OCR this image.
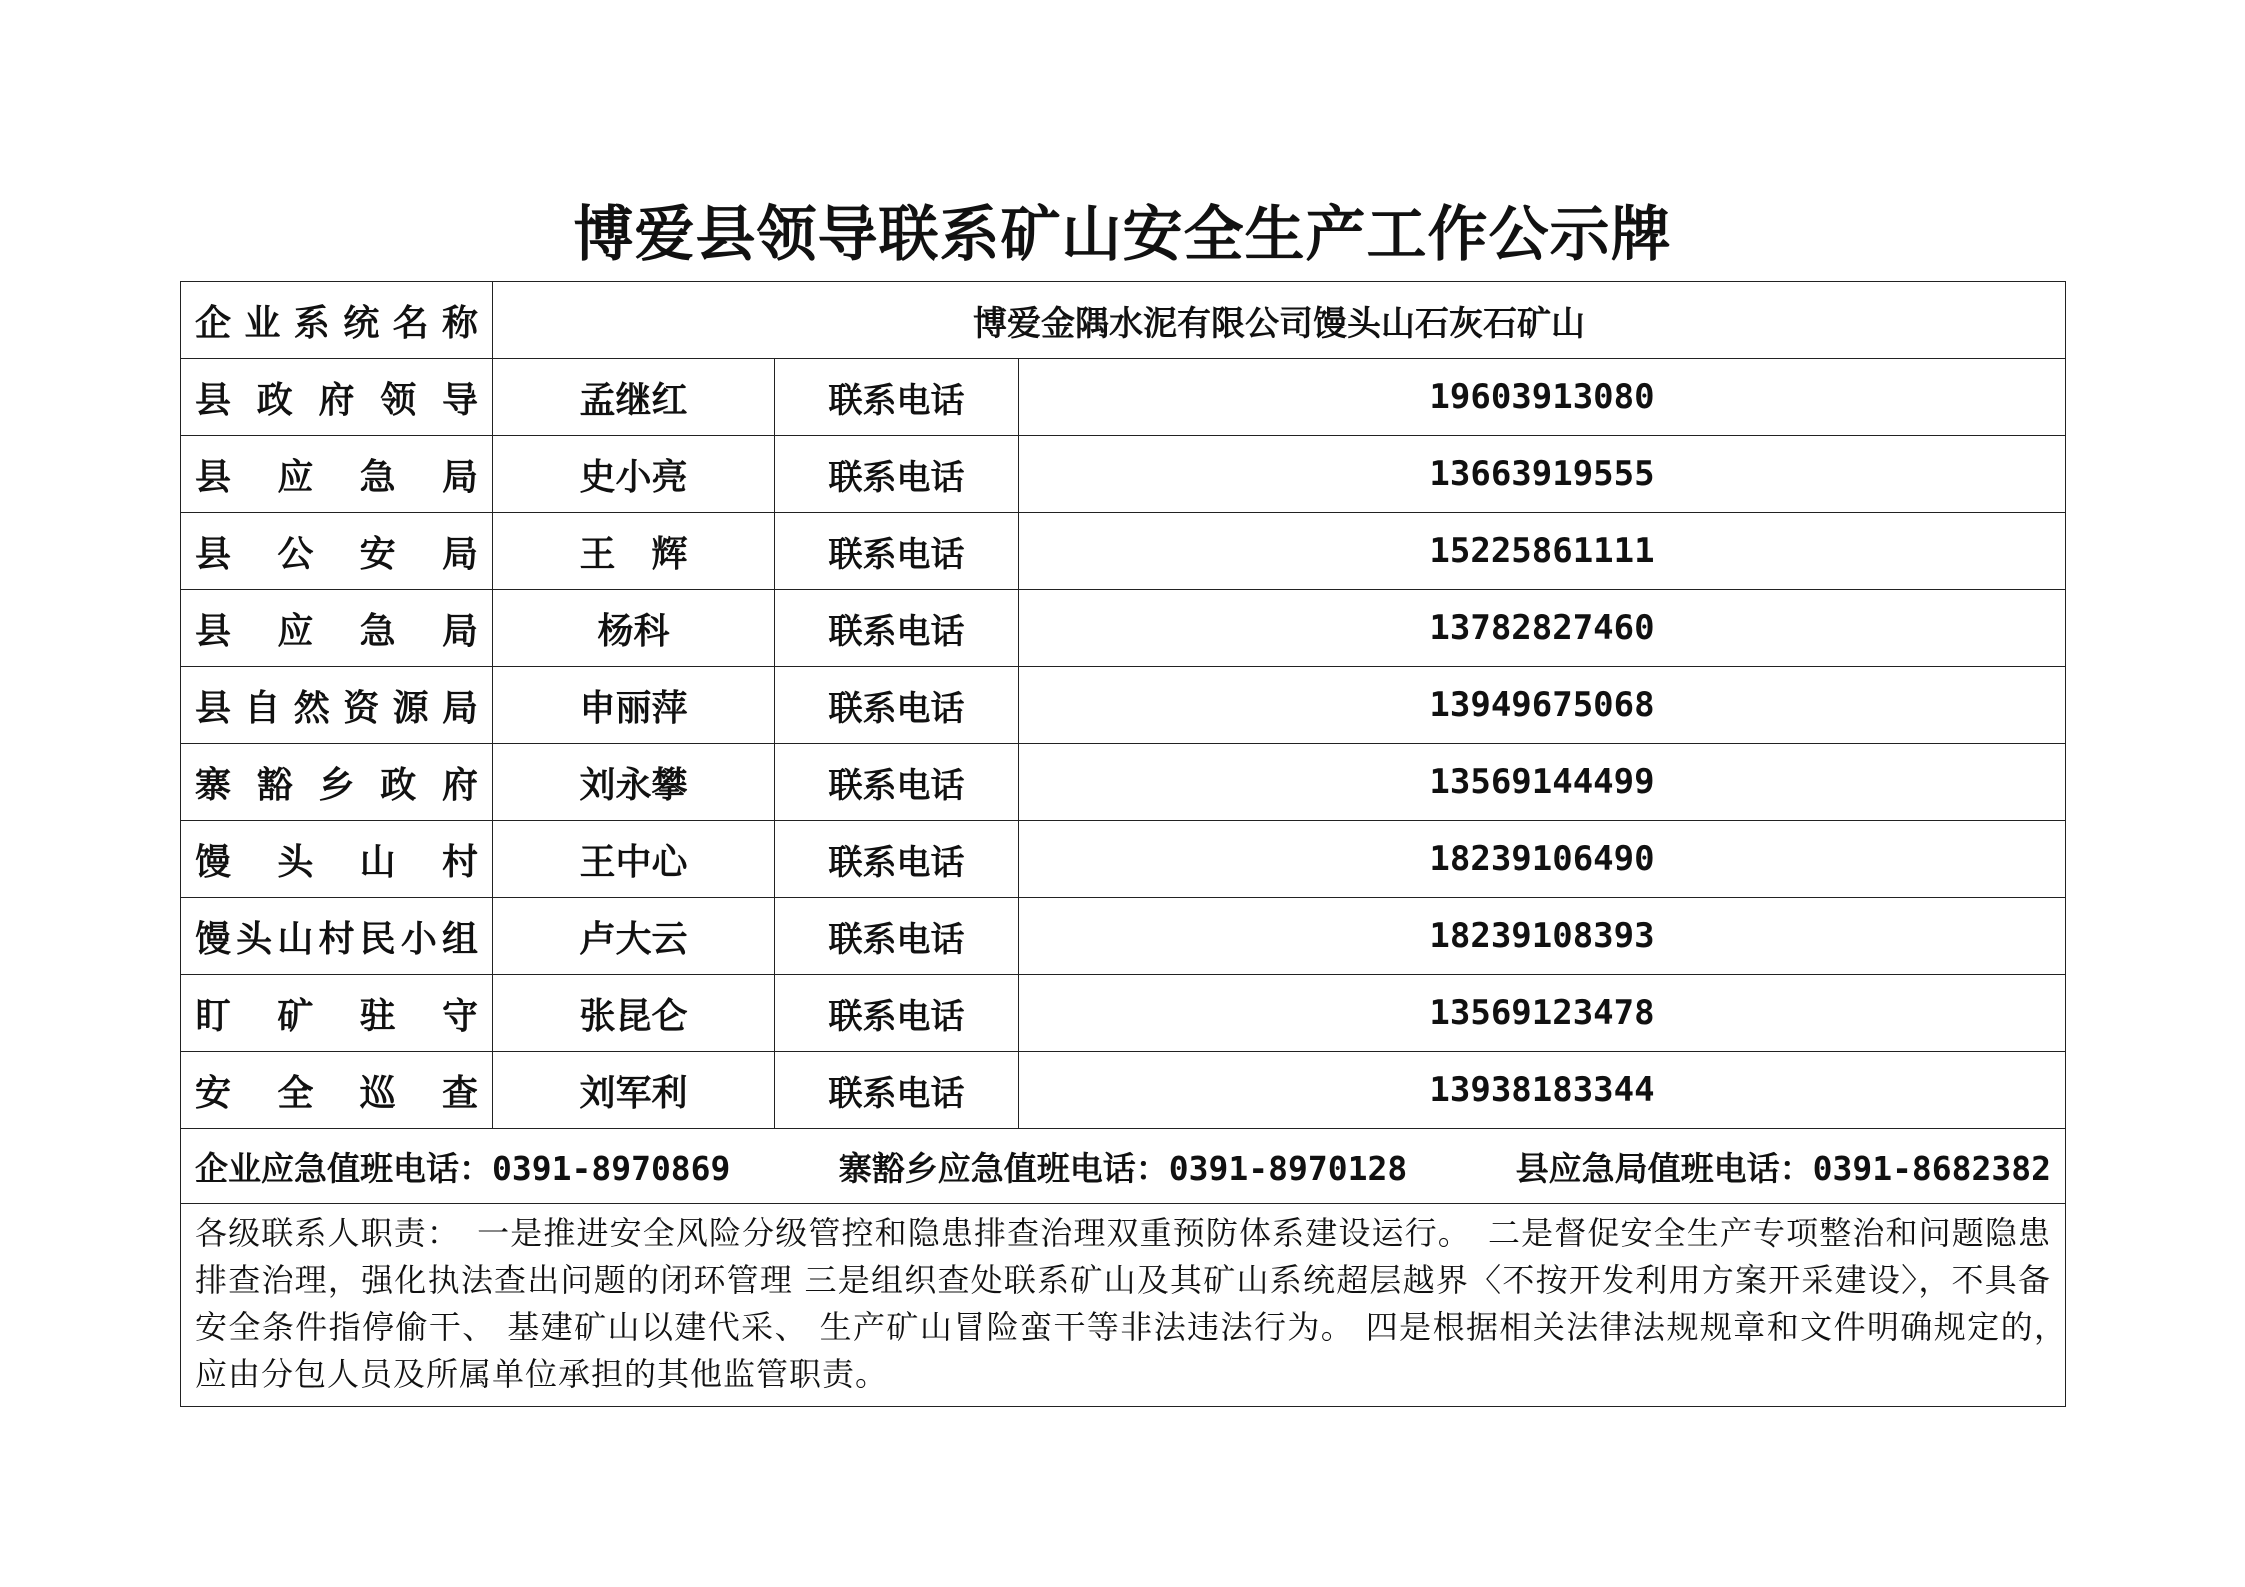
博爱县领导联系矿山安全生产工作公示牌
企业系统名称	博爱金隅水泥有限公司馒头山石灰石矿山		
县政府领导	孟继红	联系电话	19603913080
县应急局	史小亮	联系电话	13663919555
县公安局	王　辉	联系电话	15225861111
县应急局	杨科	联系电话	13782827460
县自然资源局	申丽萍	联系电话	13949675068
寨豁乡政府	刘永攀	联系电话	13569144499
馒头山村	王中心	联系电话	18239106490
馒头山村民小组	卢大云	联系电话	18239108393
盯矿驻守	张昆仑	联系电话	13569123478
安全巡查	刘军利	联系电话	13938183344

企业应急值班电话：0391-8970869 寨豁乡应急值班电话：0391-8970128 县应急局值班电话：0391-8682382			

各级联系人职责：　一是推进安全风险分级管控和隐患排查治理双重预防体系建设运行。　二是督促安全生产专项整治和问题隐患排查治理，强化执法查出问题的闭环管理 三是组织查处联系矿山及其矿山系统超层越界〈不按开发利用方案开采建设〉，不具备安全条件指停偷干、 基建矿山以建代采、 生产矿山冒险蛮干等非法违法行为。 四是根据相关法律法规规章和文件明确规定的，　应由分包人员及所属单位承担的其他监管职责。			
